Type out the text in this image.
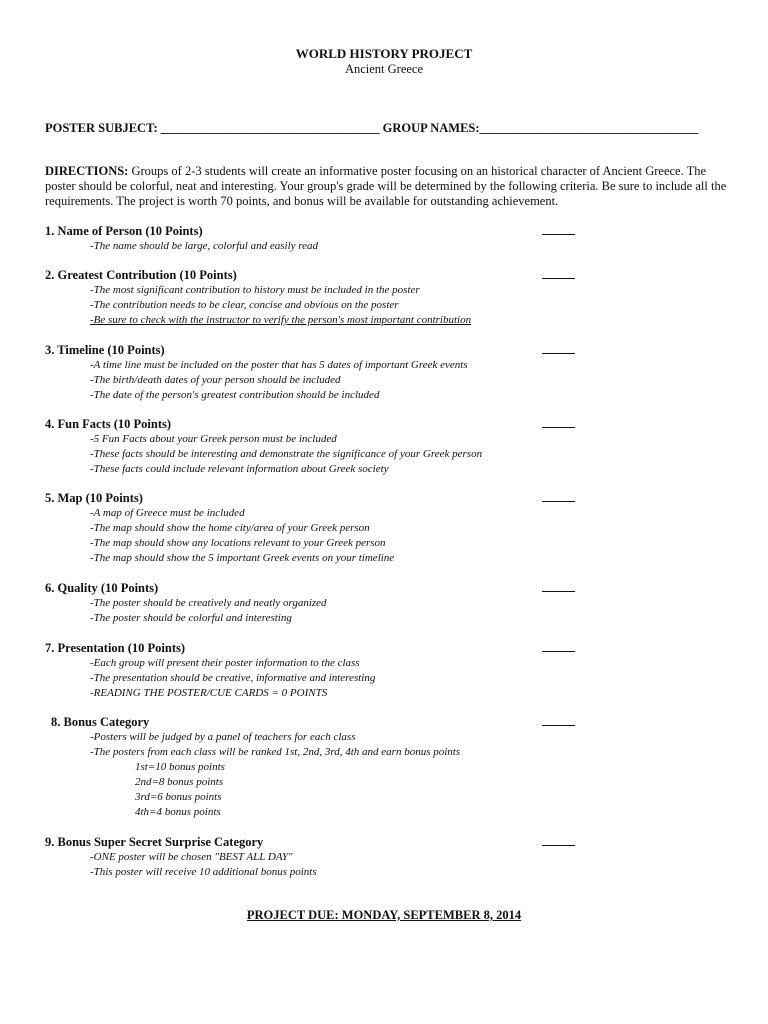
WORLD HISTORY PROJECT
Ancient Greece
POSTER SUBJECT: ___________________________________ GROUP NAMES:___________________________________
DIRECTIONS: Groups of 2-3 students will create an informative poster focusing on an historical character of Ancient Greece. The poster should be colorful, neat and interesting. Your group's grade will be determined by the following criteria. Be sure to include all the requirements. The project is worth 70 points, and bonus will be available for outstanding achievement.
1. Name of Person (10 Points)
-The name should be large, colorful and easily read
2. Greatest Contribution (10 Points)
-The most significant contribution to history must be included in the poster
-The contribution needs to be clear, concise and obvious on the poster
-Be sure to check with the instructor to verify the person's most important contribution
3. Timeline (10 Points)
-A time line must be included on the poster that has 5 dates of important Greek events
-The birth/death dates of your person should be included
-The date of the person's greatest contribution should be included
4. Fun Facts (10 Points)
-5 Fun Facts about your Greek person must be included
-These facts should be interesting and demonstrate the significance of your Greek person
-These facts could include relevant information about Greek society
5. Map (10 Points)
-A map of Greece must be included
-The map should show the home city/area of your Greek person
-The map should show any locations relevant to your Greek person
-The map should show the 5 important Greek events on your timeline
6. Quality (10 Points)
-The poster should be creatively and neatly organized
-The poster should be colorful and interesting
7. Presentation (10 Points)
-Each group will present their poster information to the class
-The presentation should be creative, informative and interesting
-READING THE POSTER/CUE CARDS = 0 POINTS
8. Bonus Category
-Posters will be judged by a panel of teachers for each class
-The posters from each class will be ranked 1st, 2nd, 3rd, 4th and earn bonus points
1st=10 bonus points
2nd=8 bonus points
3rd=6 bonus points
4th=4 bonus points
9. Bonus Super Secret Surprise Category
-ONE poster will be chosen "BEST ALL DAY"
-This poster will receive 10 additional bonus points
PROJECT DUE: MONDAY, SEPTEMBER 8, 2014
